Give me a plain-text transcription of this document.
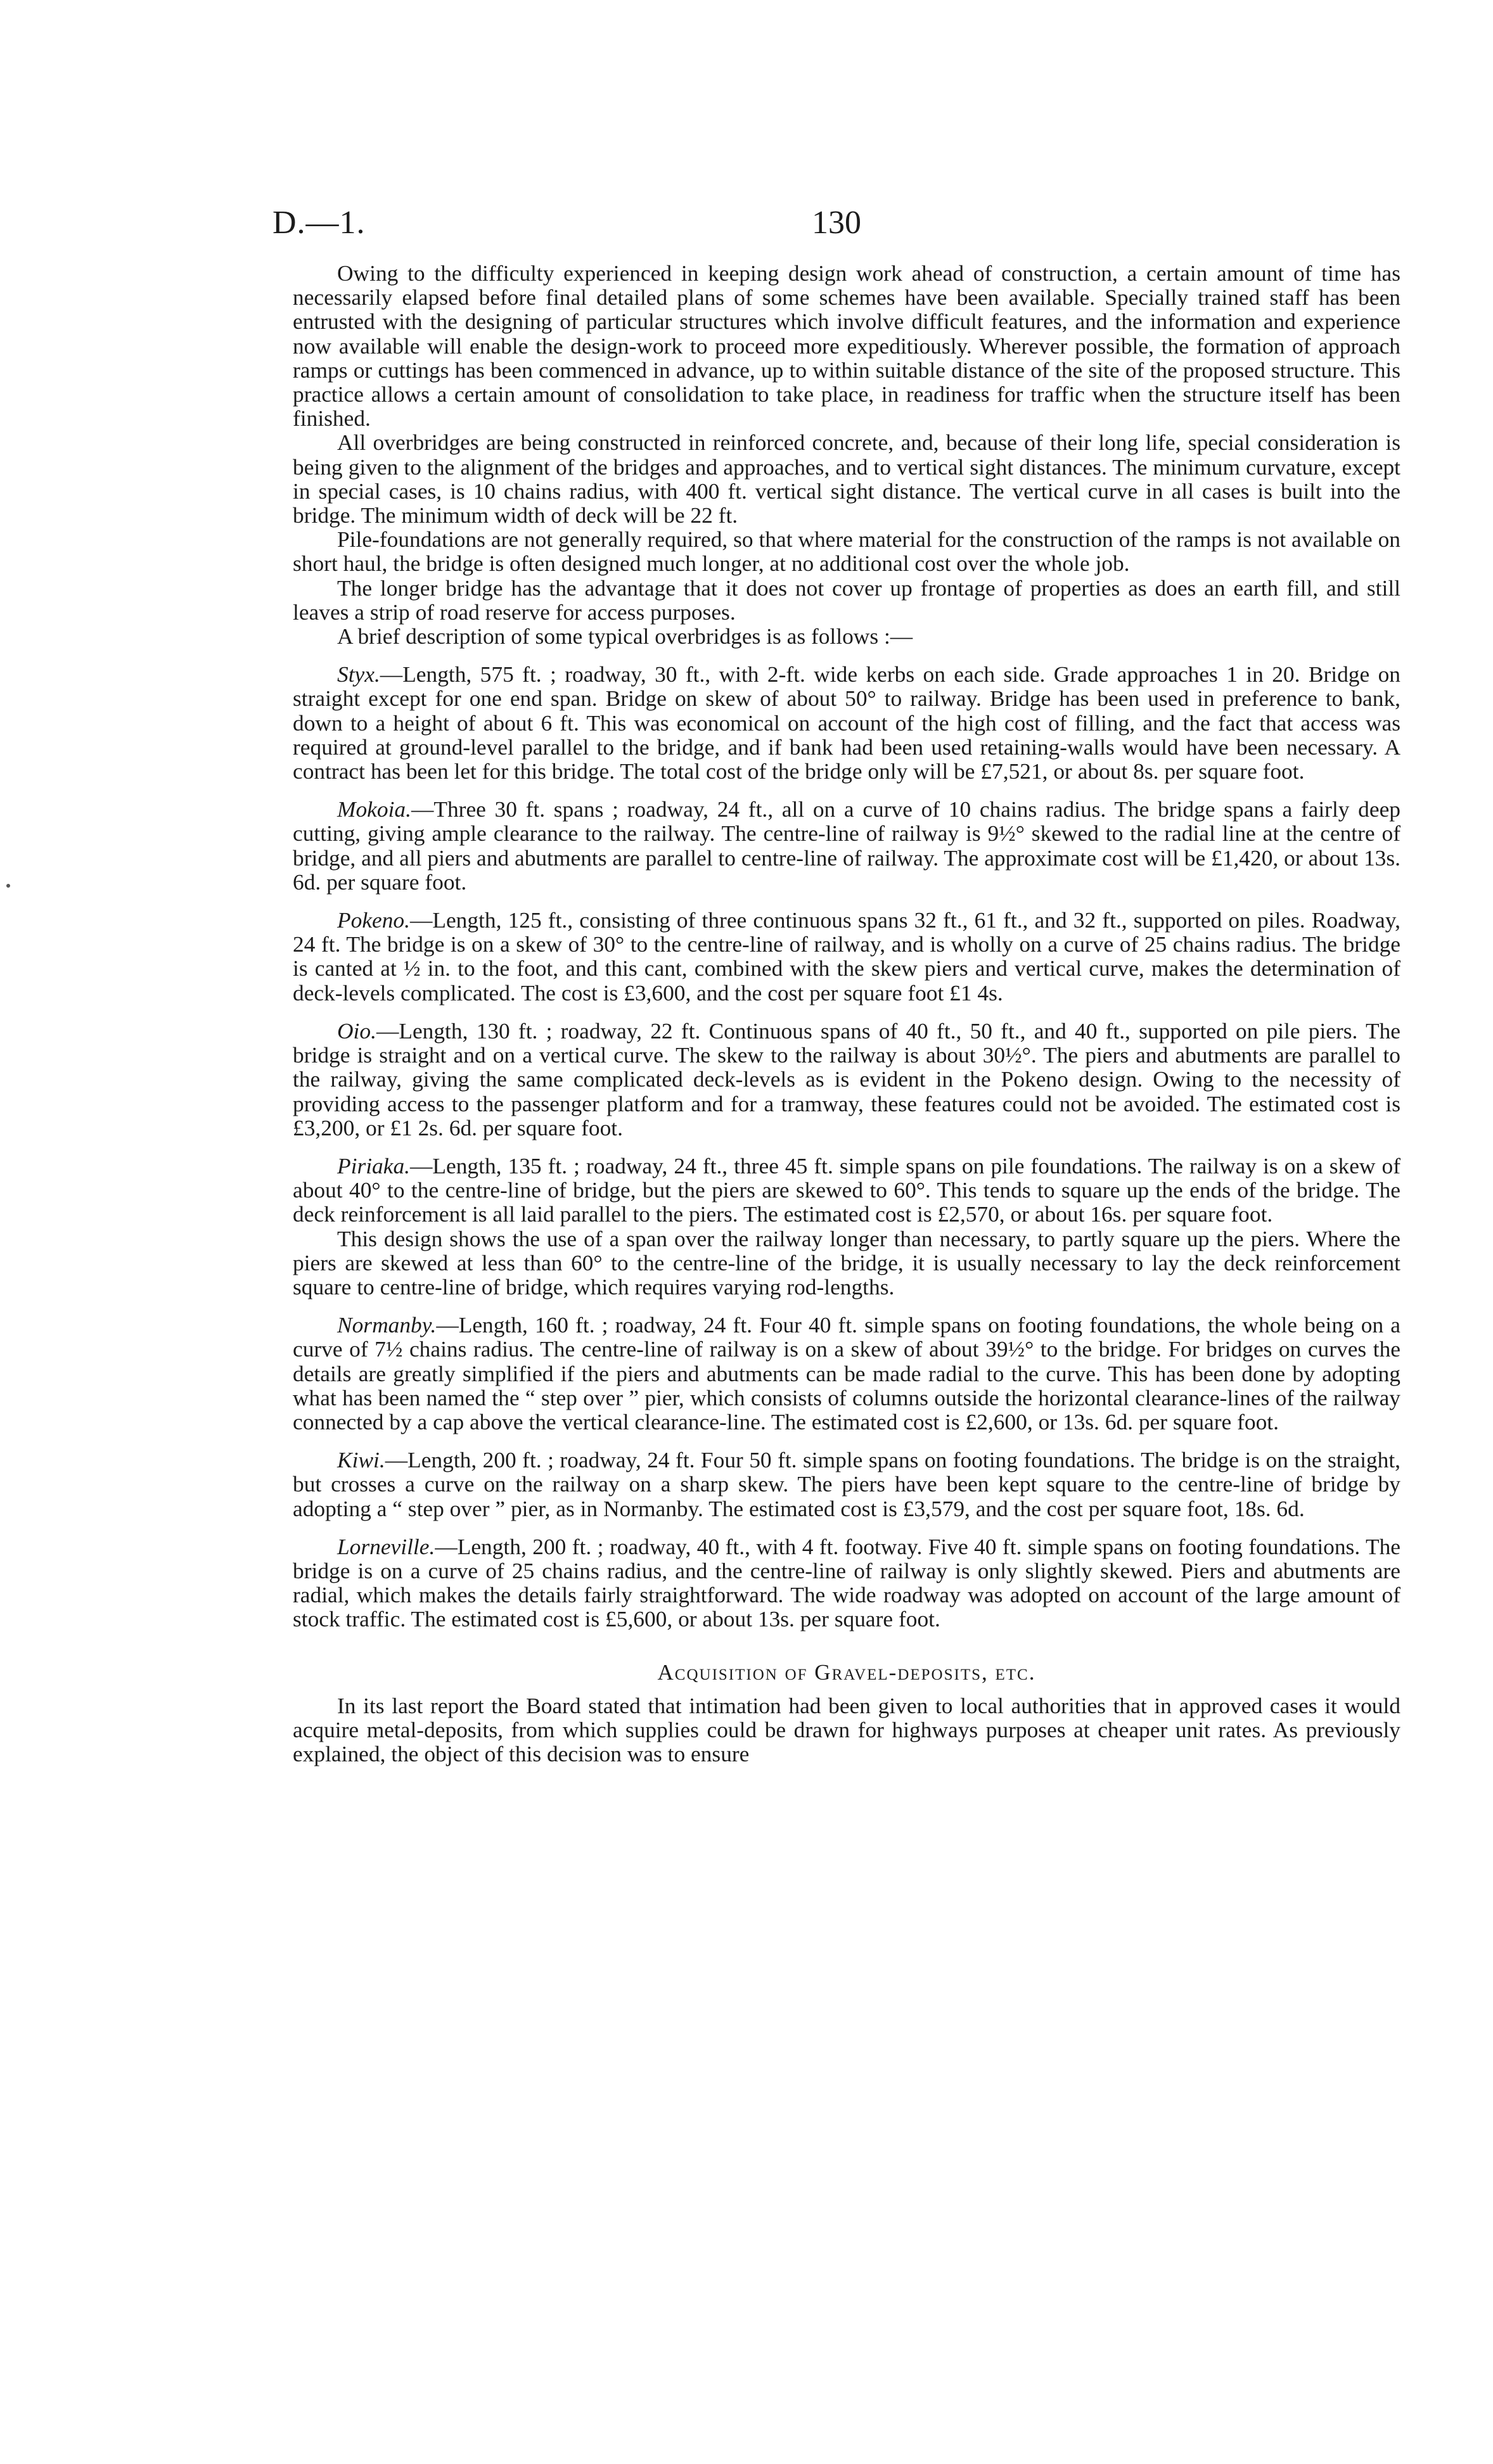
D.—1.	130

Owing to the difficulty experienced in keeping design work ahead of construction, a certain amount of time has necessarily elapsed before final detailed plans of some schemes have been available. Specially trained staff has been entrusted with the designing of particular structures which involve difficult features, and the information and experience now available will enable the design-work to proceed more expeditiously. Wherever possible, the formation of approach ramps or cuttings has been commenced in advance, up to within suitable distance of the site of the proposed structure. This practice allows a certain amount of consolidation to take place, in readiness for traffic when the structure itself has been finished.

All overbridges are being constructed in reinforced concrete, and, because of their long life, special consideration is being given to the alignment of the bridges and approaches, and to vertical sight distances. The minimum curvature, except in special cases, is 10 chains radius, with 400 ft. vertical sight distance. The vertical curve in all cases is built into the bridge. The minimum width of deck will be 22 ft.

Pile-foundations are not generally required, so that where material for the construction of the ramps is not available on short haul, the bridge is often designed much longer, at no additional cost over the whole job.

The longer bridge has the advantage that it does not cover up frontage of properties as does an earth fill, and still leaves a strip of road reserve for access purposes.

A brief description of some typical overbridges is as follows :—

Styx.—Length, 575 ft. ; roadway, 30 ft., with 2-ft. wide kerbs on each side. Grade approaches 1 in 20. Bridge on straight except for one end span. Bridge on skew of about 50° to railway. Bridge has been used in preference to bank, down to a height of about 6 ft. This was economical on account of the high cost of filling, and the fact that access was required at ground-level parallel to the bridge, and if bank had been used retaining-walls would have been necessary. A contract has been let for this bridge. The total cost of the bridge only will be £7,521, or about 8s. per square foot.

Mokoia.—Three 30 ft. spans ; roadway, 24 ft., all on a curve of 10 chains radius. The bridge spans a fairly deep cutting, giving ample clearance to the railway. The centre-line of railway is 9½° skewed to the radial line at the centre of bridge, and all piers and abutments are parallel to centre-line of railway. The approximate cost will be £1,420, or about 13s. 6d. per square foot.

Pokeno.—Length, 125 ft., consisting of three continuous spans 32 ft., 61 ft., and 32 ft., supported on piles. Roadway, 24 ft. The bridge is on a skew of 30° to the centre-line of railway, and is wholly on a curve of 25 chains radius. The bridge is canted at ½ in. to the foot, and this cant, combined with the skew piers and vertical curve, makes the determination of deck-levels complicated. The cost is £3,600, and the cost per square foot £1 4s.

Oio.—Length, 130 ft. ; roadway, 22 ft. Continuous spans of 40 ft., 50 ft., and 40 ft., supported on pile piers. The bridge is straight and on a vertical curve. The skew to the railway is about 30½°. The piers and abutments are parallel to the railway, giving the same complicated deck-levels as is evident in the Pokeno design. Owing to the necessity of providing access to the passenger platform and for a tramway, these features could not be avoided. The estimated cost is £3,200, or £1 2s. 6d. per square foot.

Piriaka.—Length, 135 ft. ; roadway, 24 ft., three 45 ft. simple spans on pile foundations. The railway is on a skew of about 40° to the centre-line of bridge, but the piers are skewed to 60°. This tends to square up the ends of the bridge. The deck reinforcement is all laid parallel to the piers. The estimated cost is £2,570, or about 16s. per square foot.

This design shows the use of a span over the railway longer than necessary, to partly square up the piers. Where the piers are skewed at less than 60° to the centre-line of the bridge, it is usually necessary to lay the deck reinforcement square to centre-line of bridge, which requires varying rod-lengths.

Normanby.—Length, 160 ft. ; roadway, 24 ft. Four 40 ft. simple spans on footing foundations, the whole being on a curve of 7½ chains radius. The centre-line of railway is on a skew of about 39½° to the bridge. For bridges on curves the details are greatly simplified if the piers and abutments can be made radial to the curve. This has been done by adopting what has been named the “ step over ” pier, which consists of columns outside the horizontal clearance-lines of the railway connected by a cap above the vertical clearance-line. The estimated cost is £2,600, or 13s. 6d. per square foot.

Kiwi.—Length, 200 ft. ; roadway, 24 ft. Four 50 ft. simple spans on footing foundations. The bridge is on the straight, but crosses a curve on the railway on a sharp skew. The piers have been kept square to the centre-line of bridge by adopting a “ step over ” pier, as in Normanby. The estimated cost is £3,579, and the cost per square foot, 18s. 6d.

Lorneville.—Length, 200 ft. ; roadway, 40 ft., with 4 ft. footway. Five 40 ft. simple spans on footing foundations. The bridge is on a curve of 25 chains radius, and the centre-line of railway is only slightly skewed. Piers and abutments are radial, which makes the details fairly straightforward. The wide roadway was adopted on account of the large amount of stock traffic. The estimated cost is £5,600, or about 13s. per square foot.

Acquisition of Gravel-deposits, etc.

In its last report the Board stated that intimation had been given to local authorities that in approved cases it would acquire metal-deposits, from which supplies could be drawn for highways purposes at cheaper unit rates. As previously explained, the object of this decision was to ensure
